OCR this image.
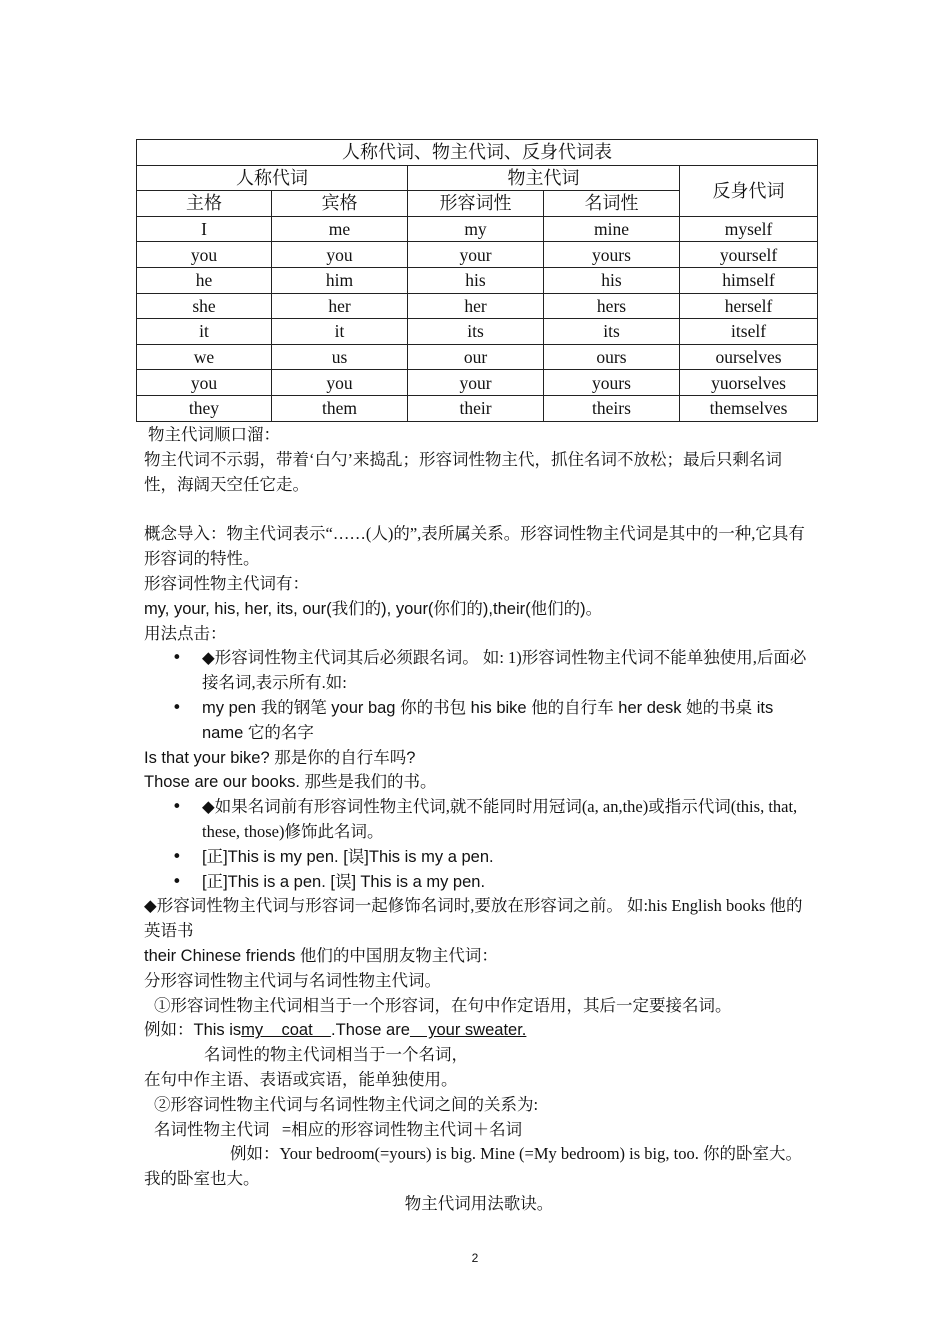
人称代词、物主代词、反身代词表				
人称代词		物主代词		反身代词
主格	宾格	形容词性	名词性	
I	me	my	mine	myself
you	you	your	yours	yourself
he	him	his	his	himself
she	her	her	hers	herself
it	it	its	its	itself
we	us	our	ours	ourselves
you	you	your	yours	yuorselves
they	them	their	theirs	themselves

物主代词顺口溜：

物主代词不示弱，带着‘白勺’来捣乱；形容词性物主代，抓住名词不放松；最后只剩名词性，海阔天空任它走。

概念导入：物主代词表示“……(人)的”,表所属关系。形容词性物主代词是其中的一种,它具有形容词的特性。

形容词性物主代词有：

my, your, his, her, its, our(我们的), your(你们的),their(他们的)。

用法点击：

• ◆形容词性物主代词其后必须跟名词。 如: 1)形容词性物主代词不能单独使用,后面必接名词,表示所有.如:
• my pen 我的钢笔 your bag 你的书包 his bike 他的自行车 her desk 她的书桌 its name 它的名字

Is that your bike? 那是你的自行车吗?

Those are our books. 那些是我们的书。

• ◆如果名词前有形容词性物主代词,就不能同时用冠词(a, an,the)或指示代词(this, that, these, those)修饰此名词。
• [正]This is my pen. [误]This is my a pen.
• [正]This is a pen. [误] This is a my pen.

◆形容词性物主代词与形容词一起修饰名词时,要放在形容词之前。 如:his English books 他的英语书

their Chinese friends 他们的中国朋友物主代词：

分形容词性物主代词与名词性物主代词。

①形容词性物主代词相当于一个形容词，在句中作定语用，其后一定要接名词。

例如：This ismy    coat    .Those are    your sweater.

名词性的物主代词相当于一个名词，

在句中作主语、表语或宾语，能单独使用。

②形容词性物主代词与名词性物主代词之间的关系为:

名词性物主代词   =相应的形容词性物主代词＋名词

例如：Your bedroom(=yours) is big. Mine (=My bedroom) is big, too. 你的卧室大。我的卧室也大。

物主代词用法歌诀。

2
